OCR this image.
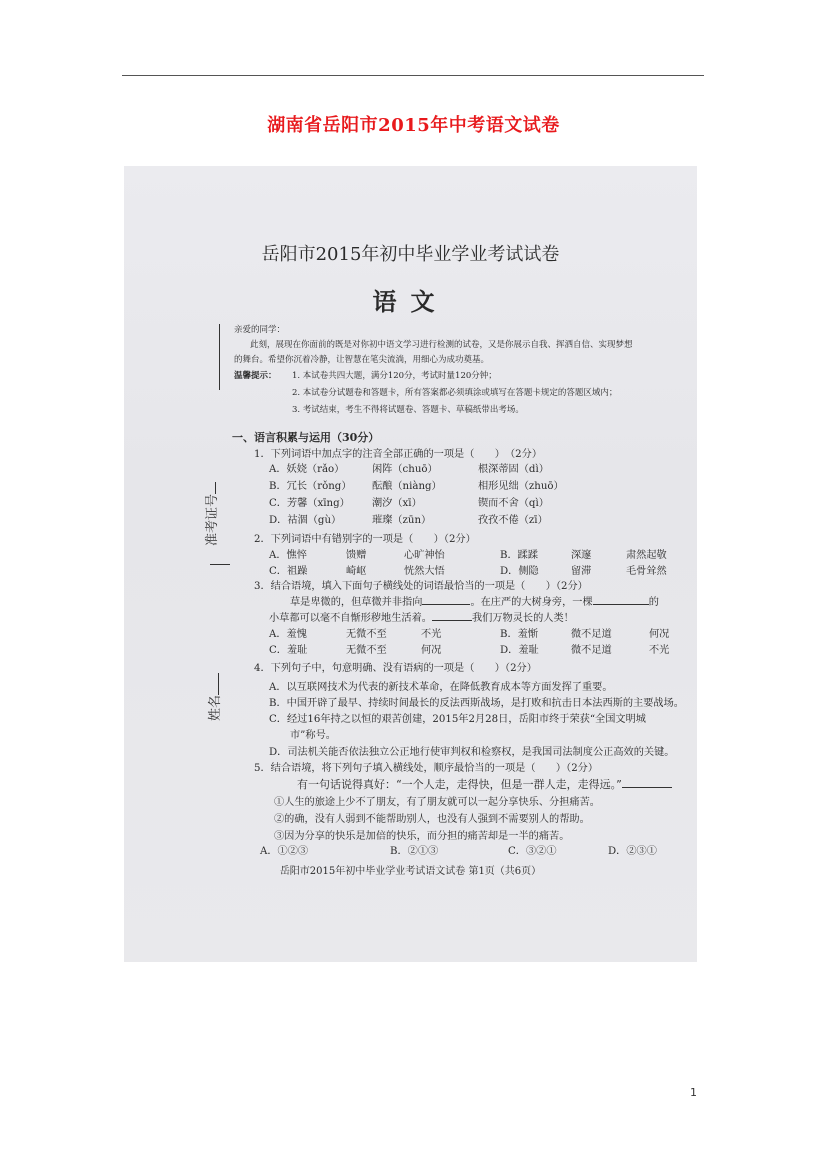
湖南省岳阳市2015年中考语文试卷
岳阳市2015年初中毕业学业考试试卷
语文
准考证号
姓名
亲爱的同学：
此刻，展现在你面前的既是对你初中语文学习进行检测的试卷，又是你展示自我、挥洒自信、实现梦想
的舞台。希望你沉着冷静，让智慧在笔尖流淌，用细心为成功奠基。
温馨提示： 1. 本试卷共四大题，满分120分，考试时量120分钟；
2. 本试卷分试题卷和答题卡，所有答案都必须填涂或填写在答题卡规定的答题区域内；
3. 考试结束，考生不得将试题卷、答题卡、草稿纸带出考场。
一、语言积累与运用（30分）
1．下列词语中加点字的注音全部正确的一项是（　　）　（2分）
A．妖娆（rǎo）	闲阵（chuō）	根深蒂固（dì）
B．冗长（rǒng） 酝酿（niàng）	相形见绌（zhuō）
C．芳馨（xīng） 潮汐（xī）	锲而不舍（qì）
D．祜涸（gù）	璀璨（zūn）	孜孜不倦（zī）
2．下列词语中有错别字的一项是（　　）（2分）
A．憔悴	馈赠	心旷神怡	B．蹂蹂	深邃	肃然起敬
C．祖躁	崎岖	恍然大悟	D．侧隐	留滞	毛骨耸然
3．结合语境，填入下面句子横线处的词语最恰当的一项是（　　）（2分）
草是卑微的，但草微并非指向	。在庄严的大树身旁，一棵	的
小草都可以毫不自惭形秽地生活着。	我们万物灵长的人类！
A．羞愧	无微不至	不光	B．羞惭	微不足道	何况
C．羞耻	无微不至	何况	D．羞耻	微不足道	不光
4．下列句子中，句意明确、没有语病的一项是（　　）（2分）
A．以互联网技术为代表的新技术革命，在降低教育成本等方面发挥了重要。
B．中国开辟了最早、持续时间最长的反法西斯战场，是打败和抗击日本法西斯的主要战场。
C．经过16年持之以恒的艰苦创建，2015年2月28日，岳阳市终于荣获“全国文明城
市”称号。
D．司法机关能否依法独立公正地行使审判权和检察权，是我国司法制度公正高效的关键。
5．结合语境，将下列句子填入横线处，顺序最恰当的一项是（　　）（2分）
有一句话说得真好：“一个人走，走得快，但是一群人走，走得远。”
①人生的旅途上少不了朋友，有了朋友就可以一起分享快乐、分担痛苦。
②的确，没有人弱到不能帮助别人，也没有人强到不需要别人的帮助。
③因为分享的快乐是加倍的快乐，而分担的痛苦却是一半的痛苦。
A．①②③	B．②①③	C．③②①	D．②③①
岳阳市2015年初中毕业学业考试语文试卷 第1页（共6页）
1
